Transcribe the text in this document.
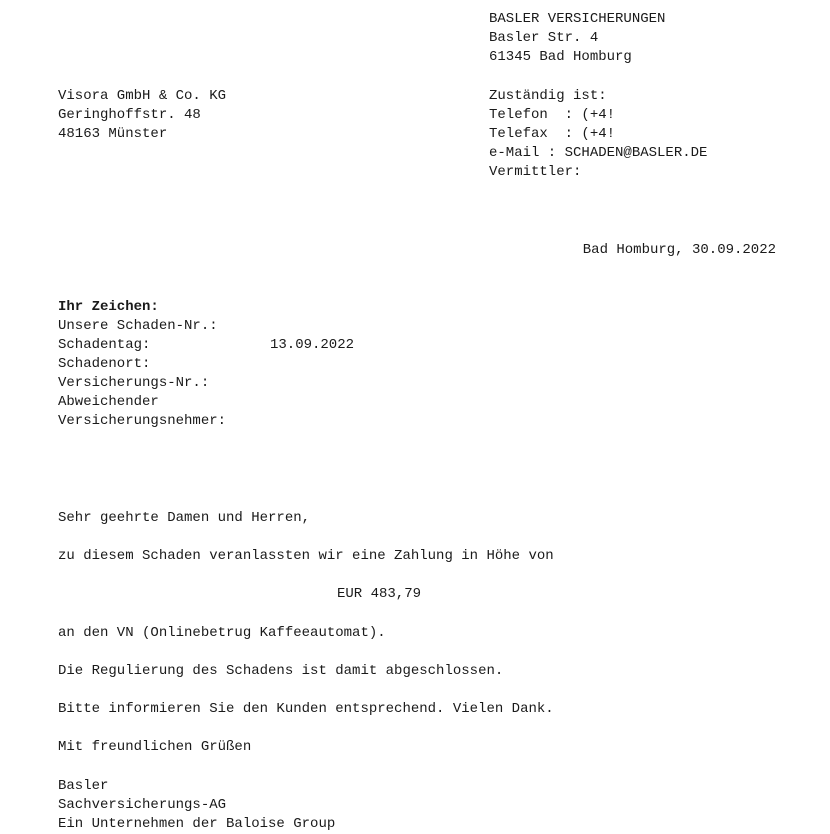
BASLER VERSICHERUNGEN
Basler Str. 4
61345 Bad Homburg
Visora GmbH & Co. KG
Geringhoffstr. 48
48163 Münster
Zuständig ist:
Telefon  : (+4!
Telefax  : (+4!
e-Mail : SCHADEN@BASLER.DE
Vermittler:
Bad Homburg, 30.09.2022
Ihr Zeichen:
Unsere Schaden-Nr.:
Schadentag:	13.09.2022
Schadenort:
Versicherungs-Nr.:
Abweichender
Versicherungsnehmer:
Sehr geehrte Damen und Herren,
zu diesem Schaden veranlassten wir eine Zahlung in Höhe von
EUR 483,79
an den VN (Onlinebetrug Kaffeeautomat).
Die Regulierung des Schadens ist damit abgeschlossen.
Bitte informieren Sie den Kunden entsprechend. Vielen Dank.
Mit freundlichen Grüßen
Basler
Sachversicherungs-AG
Ein Unternehmen der Baloise Group
